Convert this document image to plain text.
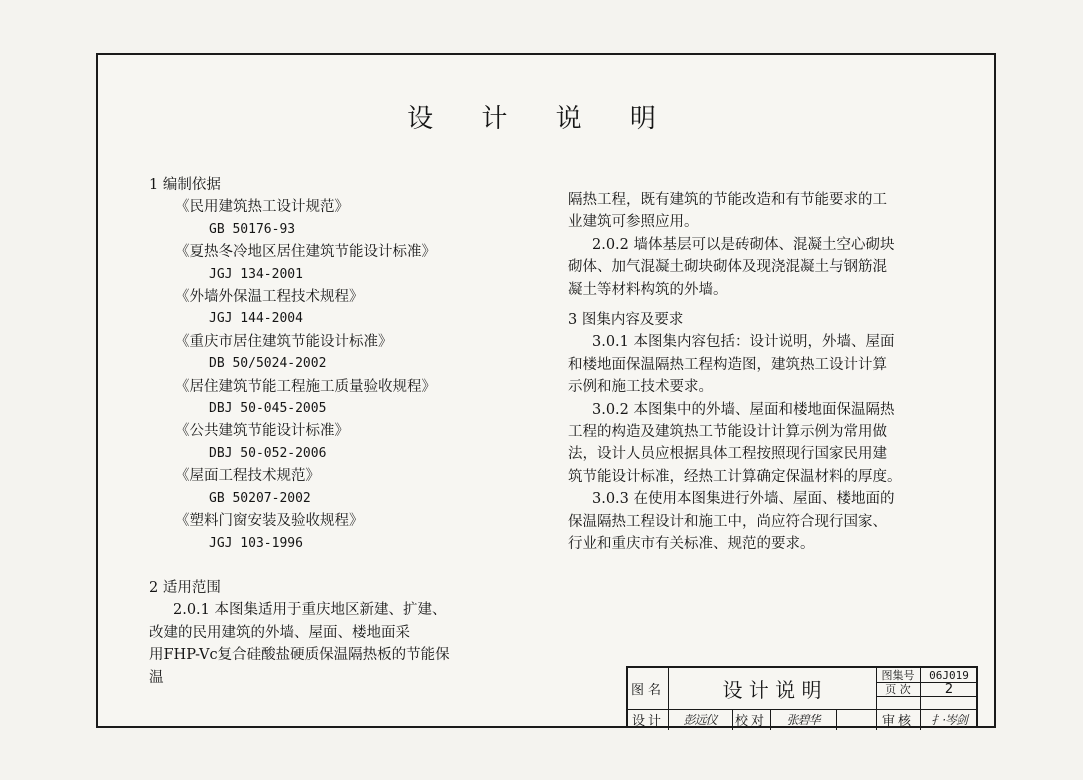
设 计 说 明
1 编制依据
《民用建筑热工设计规范》
GB 50176-93
《夏热冬冷地区居住建筑节能设计标准》
JGJ 134-2001
《外墙外保温工程技术规程》
JGJ 144-2004
《重庆市居住建筑节能设计标准》
DB 50/5024-2002
《居住建筑节能工程施工质量验收规程》
DBJ 50-045-2005
《公共建筑节能设计标准》
DBJ 50-052-2006
《屋面工程技术规范》
GB 50207-2002
《塑料门窗安装及验收规程》
JGJ 103-1996
2 适用范围
2.0.1 本图集适用于重庆地区新建、扩建、
改建的民用建筑的外墙、屋面、楼地面采
用FHP-Vc复合硅酸盐硬质保温隔热板的节能保
温
隔热工程，既有建筑的节能改造和有节能要求的工
业建筑可参照应用。
2.0.2 墙体基层可以是砖砌体、混凝土空心砌块
砌体、加气混凝土砌块砌体及现浇混凝土与钢筋混
凝土等材料构筑的外墙。
3 图集内容及要求
3.0.1 本图集内容包括：设计说明，外墙、屋面
和楼地面保温隔热工程构造图，建筑热工设计计算
示例和施工技术要求。
3.0.2 本图集中的外墙、屋面和楼地面保温隔热
工程的构造及建筑热工节能设计计算示例为常用做
法，设计人员应根据具体工程按照现行国家民用建
筑节能设计标准，经热工计算确定保温材料的厚度。
3.0.3 在使用本图集进行外墙、屋面、楼地面的
保温隔热工程设计和施工中，尚应符合现行国家、
行业和重庆市有关标准、规范的要求。
图名	设 计 说 明
图集号	06J019
页 次	2
设计	彭远仪	校对	张碧华	审核	扌·岑剑
